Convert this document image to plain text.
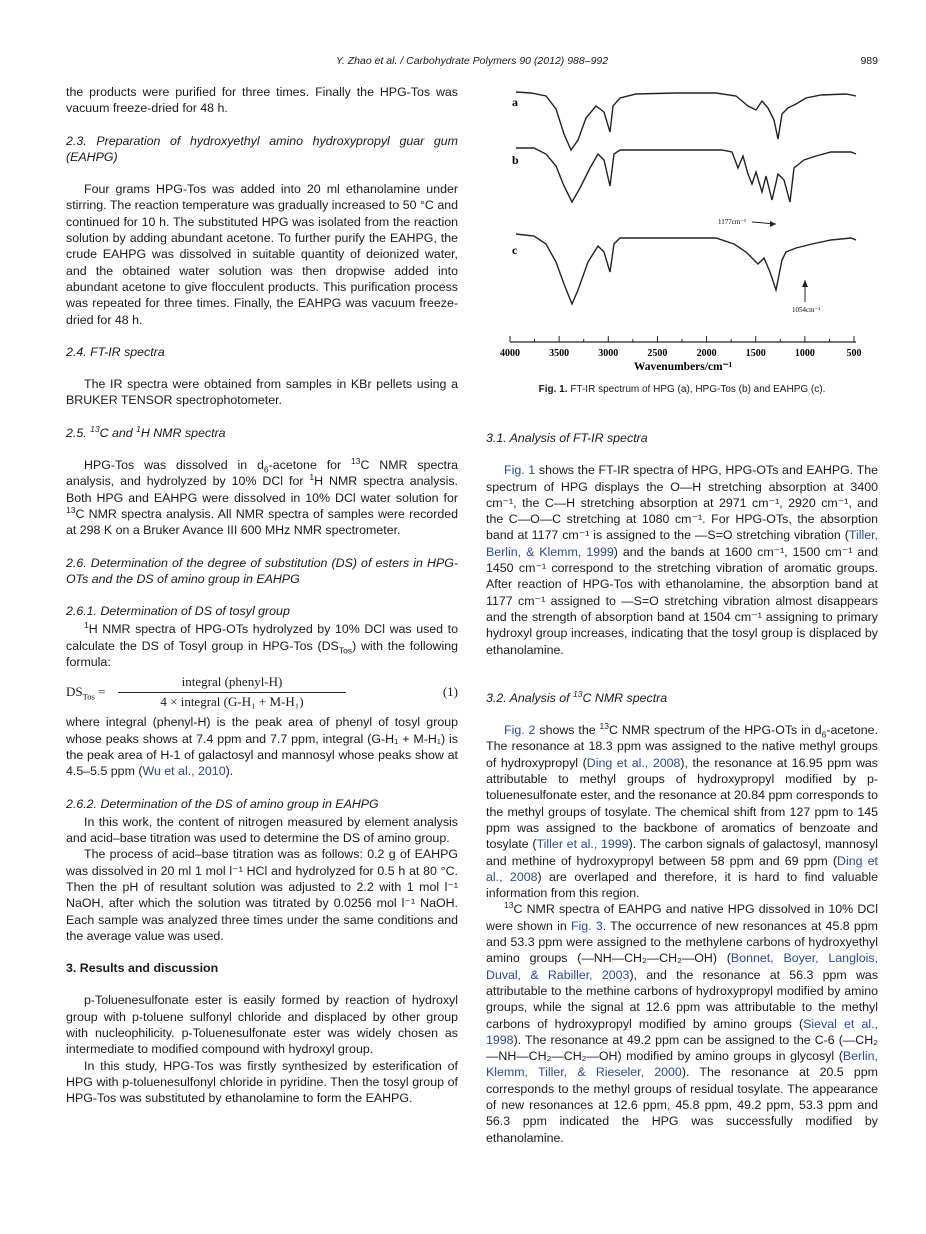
Y. Zhao et al. / Carbohydrate Polymers 90 (2012) 988–992	989

the products were purified for three times. Finally the HPG-Tos was vacuum freeze-dried for 48 h.

2.3. Preparation of hydroxyethyl amino hydroxypropyl guar gum (EAHPG)

Four grams HPG-Tos was added into 20 ml ethanolamine under stirring. The reaction temperature was gradually increased to 50 °C and continued for 10 h. The substituted HPG was isolated from the reaction solution by adding abundant acetone. To further purify the EAHPG, the crude EAHPG was dissolved in suitable quantity of deionized water, and the obtained water solution was then dropwise added into abundant acetone to give flocculent products. This purification process was repeated for three times. Finally, the EAHPG was vacuum freeze-dried for 48 h.

2.4. FT-IR spectra

The IR spectra were obtained from samples in KBr pellets using a BRUKER TENSOR spectrophotometer.

2.5. $^{13}$C and $^1$H NMR spectra

HPG-Tos was dissolved in $d_6$-acetone for $^{13}$C NMR spectra analysis, and hydrolyzed by 10% DCl for $^1$H NMR spectra analysis. Both HPG and EAHPG were dissolved in 10% DCl water solution for $^{13}$C NMR spectra analysis. All NMR spectra of samples were recorded at 298 K on a Bruker Avance III 600 MHz NMR spectrometer.

2.6. Determination of the degree of substitution (DS) of esters in HPG-OTs and the DS of amino group in EAHPG

2.6.1. Determination of DS of tosyl group

$^1$H NMR spectra of HPG-OTs hydrolyzed by 10% DCl was used to calculate the DS of Tosyl group in HPG-Tos $(DS_{Tos})$ with the following formula:

$DS_{Tos}$ =
integral (phenyl-H)
4 × integral (G-H₁ + M-H₁)
(1)

where integral (phenyl-H) is the peak area of phenyl of tosyl group whose peaks shows at 7.4 ppm and 7.7 ppm, integral (G-H₁ + M-H₁) is the peak area of H-1 of galactosyl and mannosyl whose peaks show at 4.5–5.5 ppm (Wu et al., 2010).

2.6.2. Determination of the DS of amino group in EAHPG

In this work, the content of nitrogen measured by element analysis and acid–base titration was used to determine the DS of amino group.

The process of acid–base titration was as follows: 0.2 g of EAHPG was dissolved in 20 ml 1 mol l⁻¹ HCl and hydrolyzed for 0.5 h at 80 °C. Then the pH of resultant solution was adjusted to 2.2 with 1 mol l⁻¹ NaOH, after which the solution was titrated by 0.0256 mol l⁻¹ NaOH. Each sample was analyzed three times under the same conditions and the average value was used.

3. Results and discussion

p-Toluenesulfonate ester is easily formed by reaction of hydroxyl group with p-toluene sulfonyl chloride and displaced by other group with nucleophilicity. p-Toluenesulfonate ester was widely chosen as intermediate to modified compound with hydroxyl group.

In this study, HPG-Tos was firstly synthesized by esterification of HPG with p-toluenesulfonyl chloride in pyridine. Then the tosyl group of HPG-Tos was substituted by ethanolamine to form the EAHPG.

a
b
c
1177cm⁻¹
1054cm⁻¹
4000	3500	3000	2500	2000	1500	1000	500
Wavenumbers/cm⁻¹
Fig. 1. FT-IR spectrum of HPG (a), HPG-Tos (b) and EAHPG (c).

3.1. Analysis of FT-IR spectra

Fig. 1 shows the FT-IR spectra of HPG, HPG-OTs and EAHPG. The spectrum of HPG displays the O—H stretching absorption at 3400 cm⁻¹, the C—H stretching absorption at 2971 cm⁻¹, 2920 cm⁻¹, and the C—O—C stretching at 1080 cm⁻¹. For HPG-OTs, the absorption band at 1177 cm⁻¹ is assigned to the —S=O stretching vibration (Tiller, Berlin, & Klemm, 1999) and the bands at 1600 cm⁻¹, 1500 cm⁻¹ and 1450 cm⁻¹ correspond to the stretching vibration of aromatic groups. After reaction of HPG-Tos with ethanolamine, the absorption band at 1177 cm⁻¹ assigned to —S=O stretching vibration almost disappears and the strength of absorption band at 1504 cm⁻¹ assigning to primary hydroxyl group increases, indicating that the tosyl group is displaced by ethanolamine.

3.2. Analysis of $^{13}$C NMR spectra

Fig. 2 shows the $^{13}$C NMR spectrum of the HPG-OTs in $d_6$-acetone. The resonance at 18.3 ppm was assigned to the native methyl groups of hydroxypropyl (Ding et al., 2008), the resonance at 16.95 ppm was attributable to methyl groups of hydroxypropyl modified by p-toluenesulfonate ester, and the resonance at 20.84 ppm corresponds to the methyl groups of tosylate. The chemical shift from 127 ppm to 145 ppm was assigned to the backbone of aromatics of benzoate and tosylate (Tiller et al., 1999). The carbon signals of galactosyl, mannosyl and methine of hydroxypropyl between 58 ppm and 69 ppm (Ding et al., 2008) are overlaped and therefore, it is hard to find valuable information from this region.

$^{13}$C NMR spectra of EAHPG and native HPG dissolved in 10% DCl were shown in Fig. 3. The occurrence of new resonances at 45.8 ppm and 53.3 ppm were assigned to the methylene carbons of hydroxyethyl amino groups (—NH—CH₂—CH₂—OH) (Bonnet, Boyer, Langlois, Duval, & Rabiller, 2003), and the resonance at 56.3 ppm was attributable to the methine carbons of hydroxypropyl modified by amino groups, while the signal at 12.6 ppm was attributable to the methyl carbons of hydroxypropyl modified by amino groups (Sieval et al., 1998). The resonance at 49.2 ppm can be assigned to the C-6 (—CH₂—NH—CH₂—CH₂—OH) modified by amino groups in glycosyl (Berlin, Klemm, Tiller, & Rieseler, 2000). The resonance at 20.5 ppm corresponds to the methyl groups of residual tosylate. The appearance of new resonances at 12.6 ppm, 45.8 ppm, 49.2 ppm, 53.3 ppm and 56.3 ppm indicated the HPG was successfully modified by ethanolamine.
